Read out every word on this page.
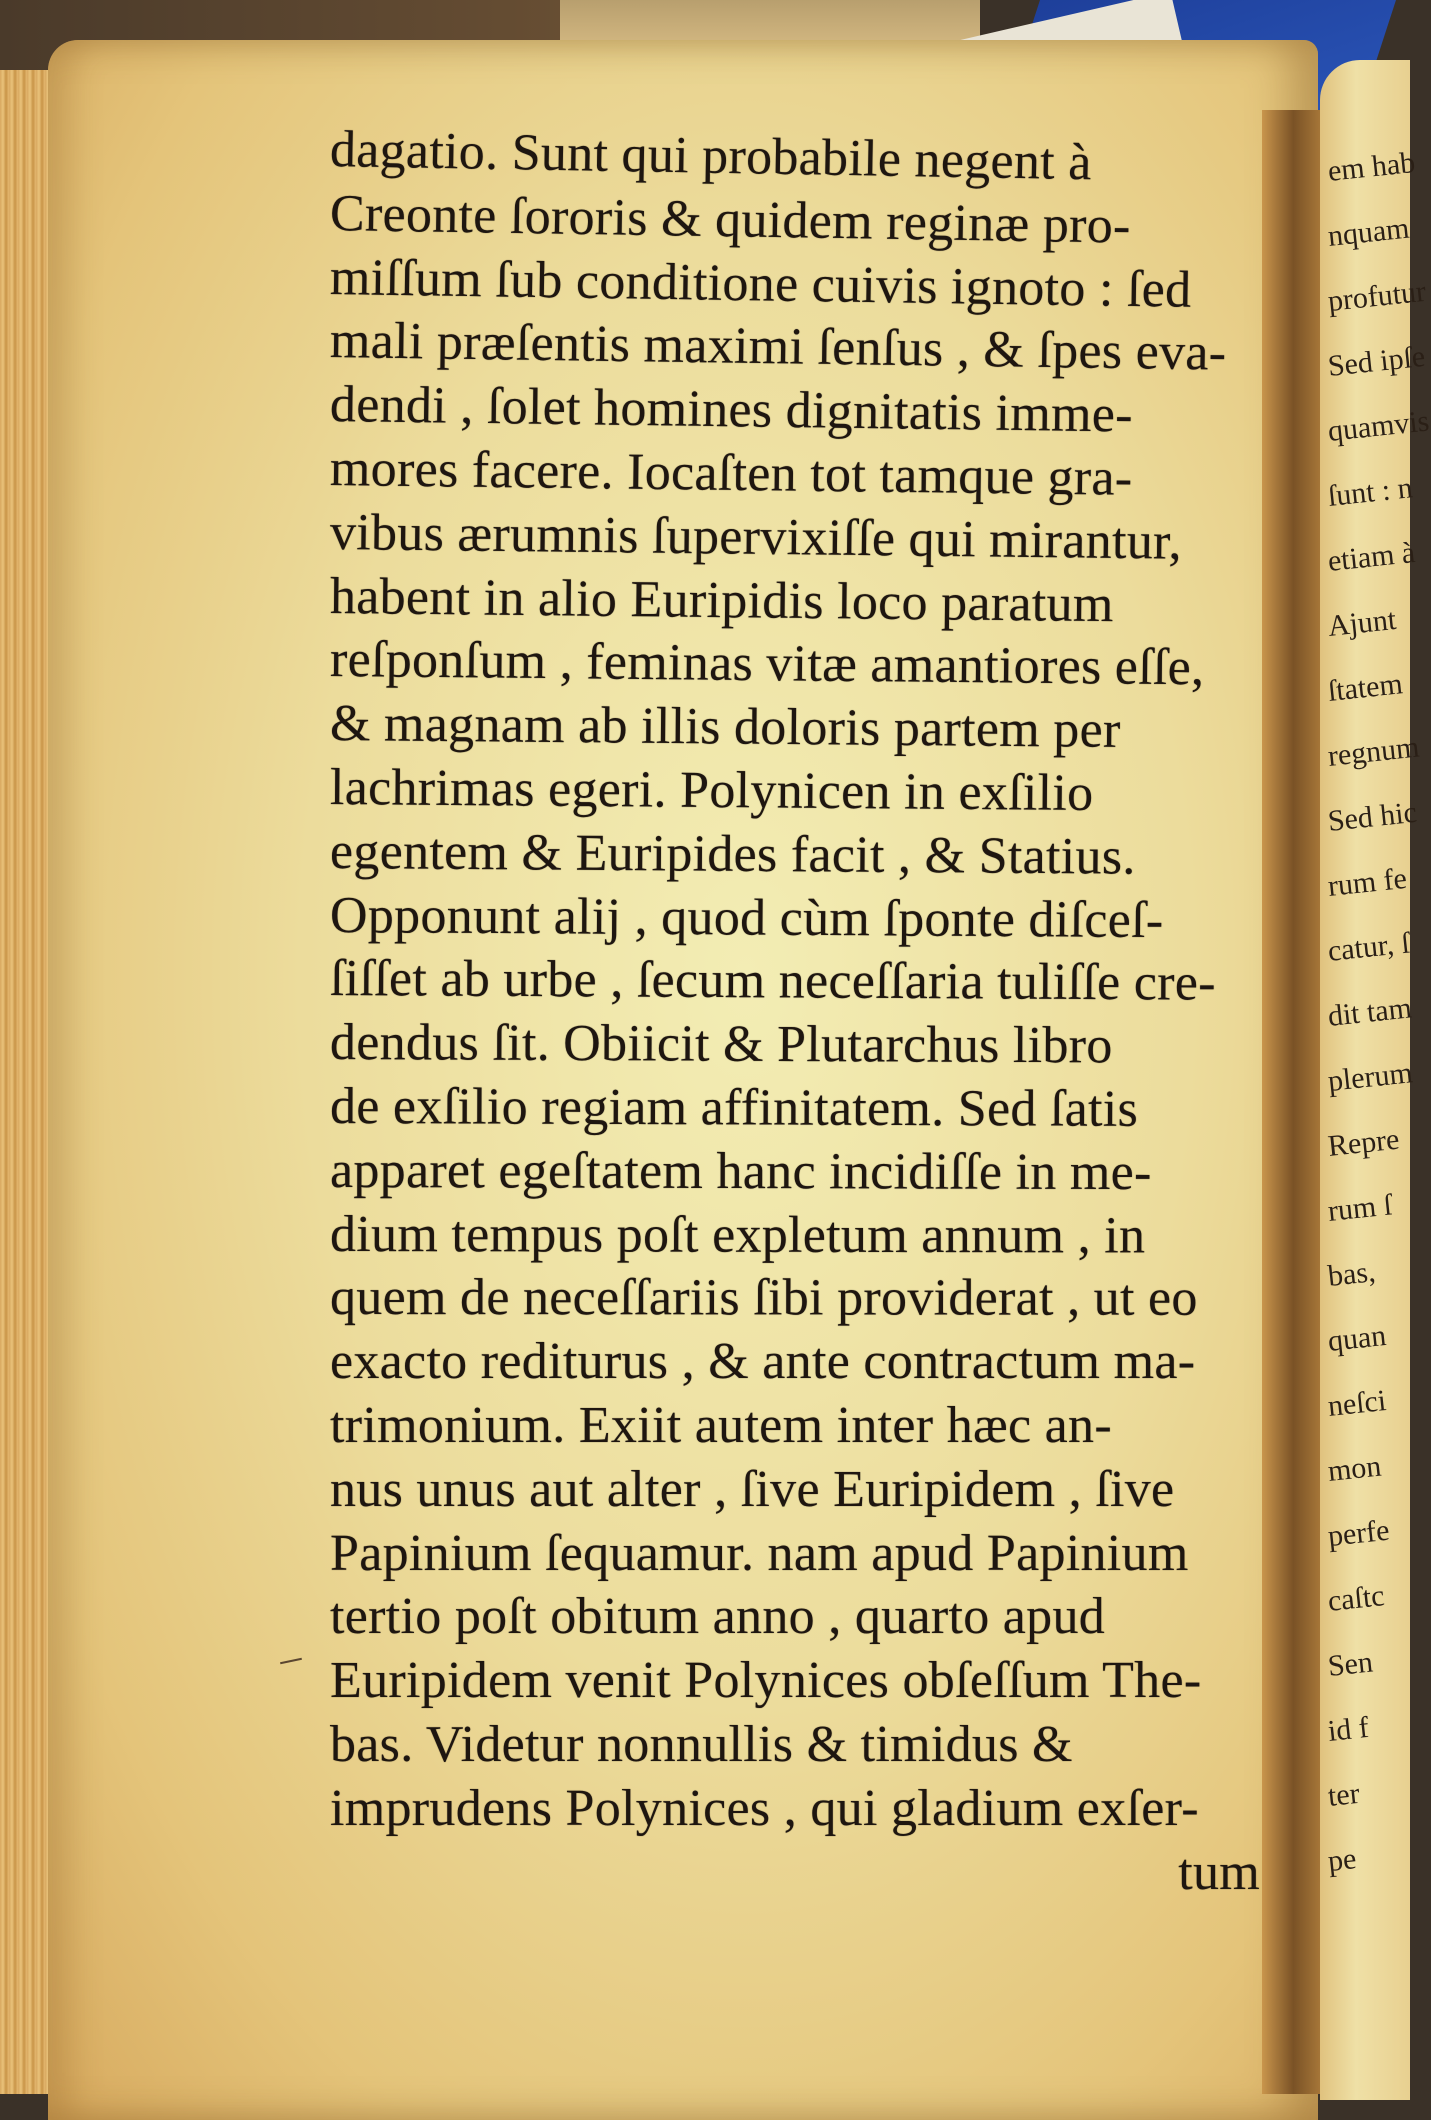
em hab
nquam
profutur
Sed ipſe
quamvis
ſunt : n
etiam à
Ajunt
ſtatem
regnum
Sed hic
rum fe
catur, ſ
dit tam
plerum
Repre
rum ſ
bas,
quan
neſci
mon
perfe
caſtc
Sen
id f
ter
pe
dagatio. Sunt qui probabile negent à
Creonte ſororis & quidem reginæ pro-
miſſum ſub conditione cuivis ignoto : ſed
mali præſentis maximi ſenſus , & ſpes eva-
dendi , ſolet homines dignitatis imme-
mores facere. Iocaſten tot tamque gra-
vibus ærumnis ſupervixiſſe qui mirantur,
habent in alio Euripidis loco paratum
reſponſum , feminas vitæ amantiores eſſe,
& magnam ab illis doloris partem per
lachrimas egeri. Polynicen in exſilio
egentem & Euripides facit , & Statius.
Opponunt alij , quod cùm ſponte diſceſ-
ſiſſet ab urbe , ſecum neceſſaria tuliſſe cre-
dendus ſit. Obiicit & Plutarchus libro
de exſilio regiam affinitatem. Sed ſatis
apparet egeſtatem hanc incidiſſe in me-
dium tempus poſt expletum annum , in
quem de neceſſariis ſibi providerat , ut eo
exacto rediturus , & ante contractum ma-
trimonium. Exiit autem inter hæc an-
nus unus aut alter , ſive Euripidem , ſive
Papinium ſequamur. nam apud Papinium
tertio poſt obitum anno , quarto apud
Euripidem venit Polynices obſeſſum The-
bas. Videtur nonnullis & timidus &
imprudens Polynices , qui gladium exſer-
tum
